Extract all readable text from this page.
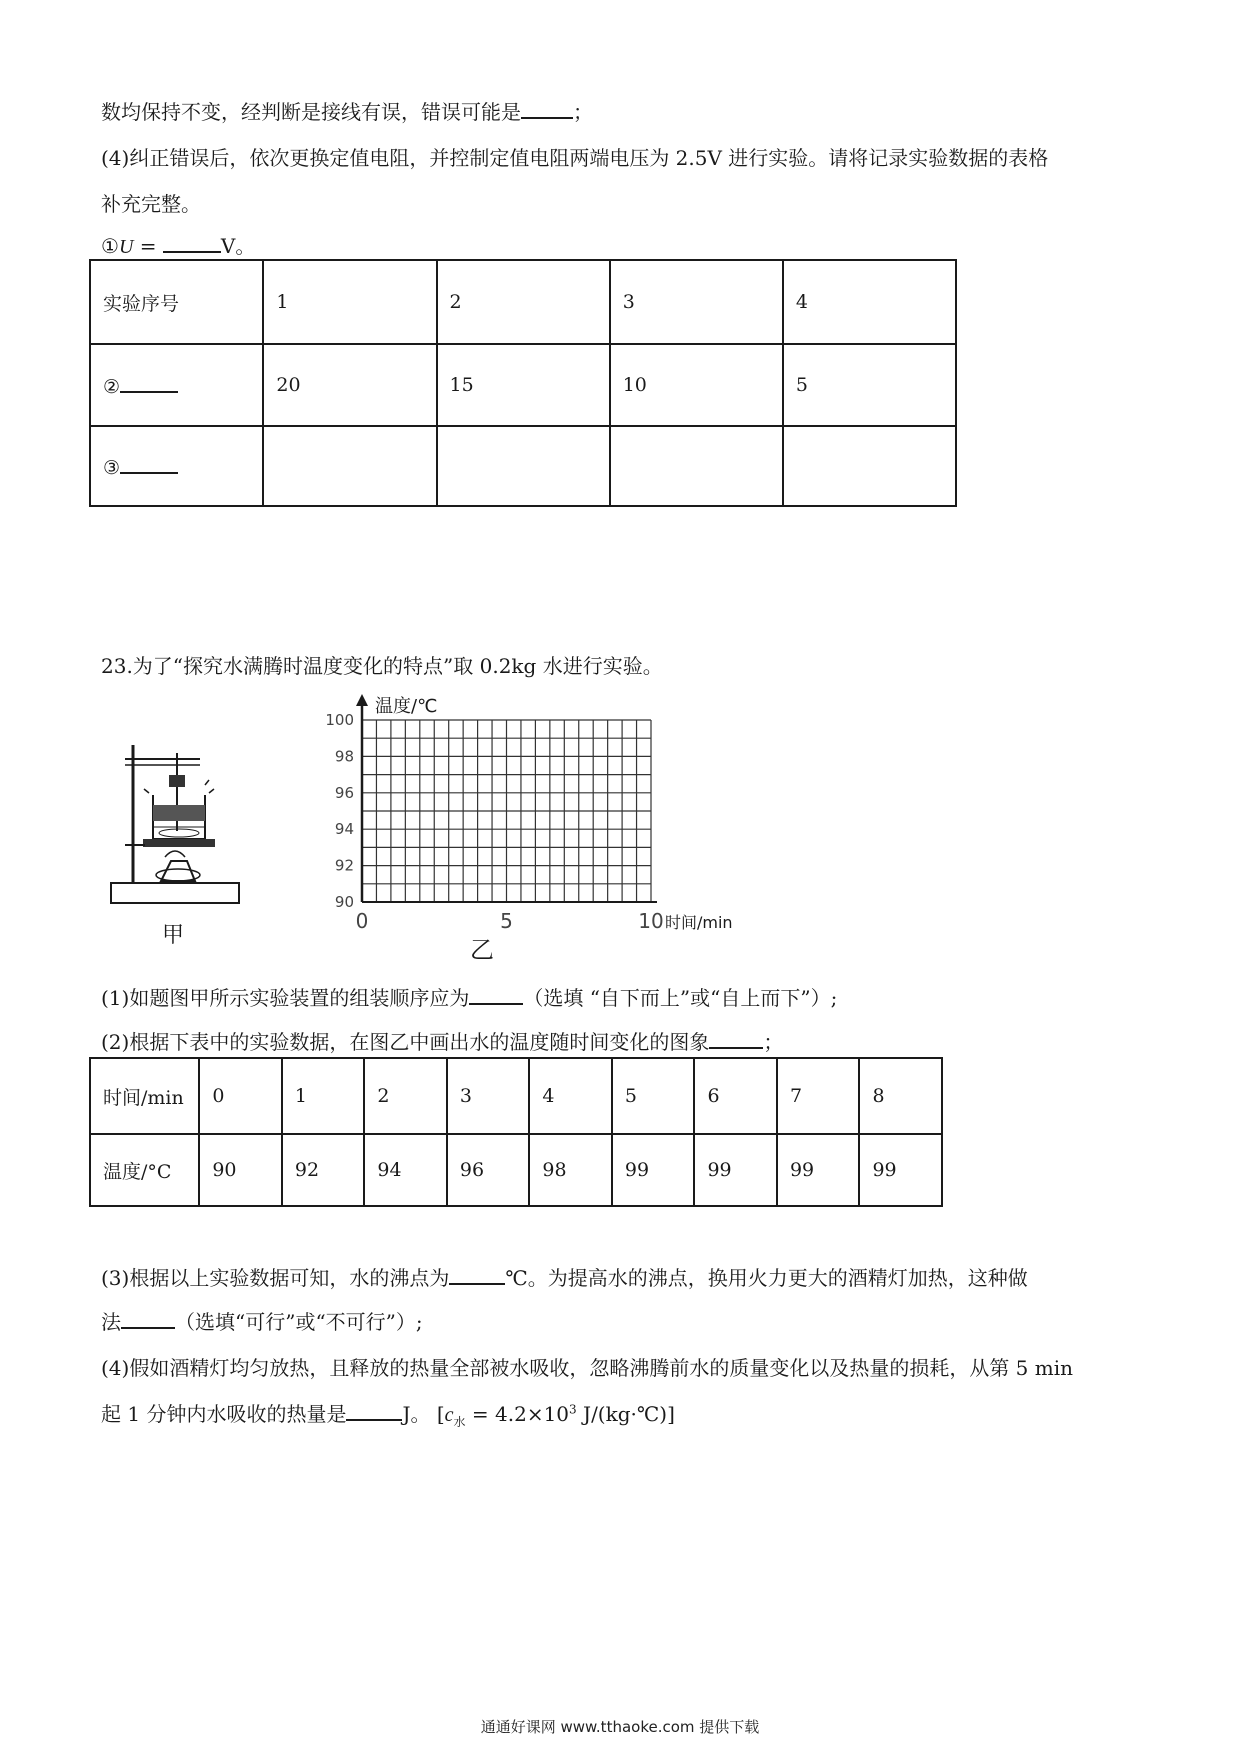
数均保持不变，经判断是接线有误，错误可能是	；
(4)纠正错误后，依次更换定值电阻，并控制定值电阻两端电压为 2.5V 进行实验。请将记录实验数据的表格
补充完整。
①U =	V。
实验序号	1	2	3	4
②	20	15	10	5
③				
23.为了“探究水满腾时温度变化的特点”取 0.2kg 水进行实验。
甲
100
98
96
94
92
90
0	5	10
温度/℃
时间/min
乙
(1)如题图甲所示实验装置的组装顺序应为	（选填 “自下而上”或“自上而下”）;
(2)根据下表中的实验数据，在图乙中画出水的温度随时间变化的图象	；
时间/min	0	1	2	3	4	5	6	7	8
温度/°C	90	92	94	96	98	99	99	99	99
(3)根据以上实验数据可知，水的沸点为	℃。为提高水的沸点，换用火力更大的酒精灯加热，这种做
法	（选填“可行”或“不可行”）;
(4)假如酒精灯均匀放热，且释放的热量全部被水吸收，忽略沸腾前水的质量变化以及热量的损耗，从第 5 min
起 1 分钟内水吸收的热量是	J。 [$c_水 = 4.2\times 10^3$ J/(kg·℃)]
通通好课网 www.tthaoke.com 提供下载
